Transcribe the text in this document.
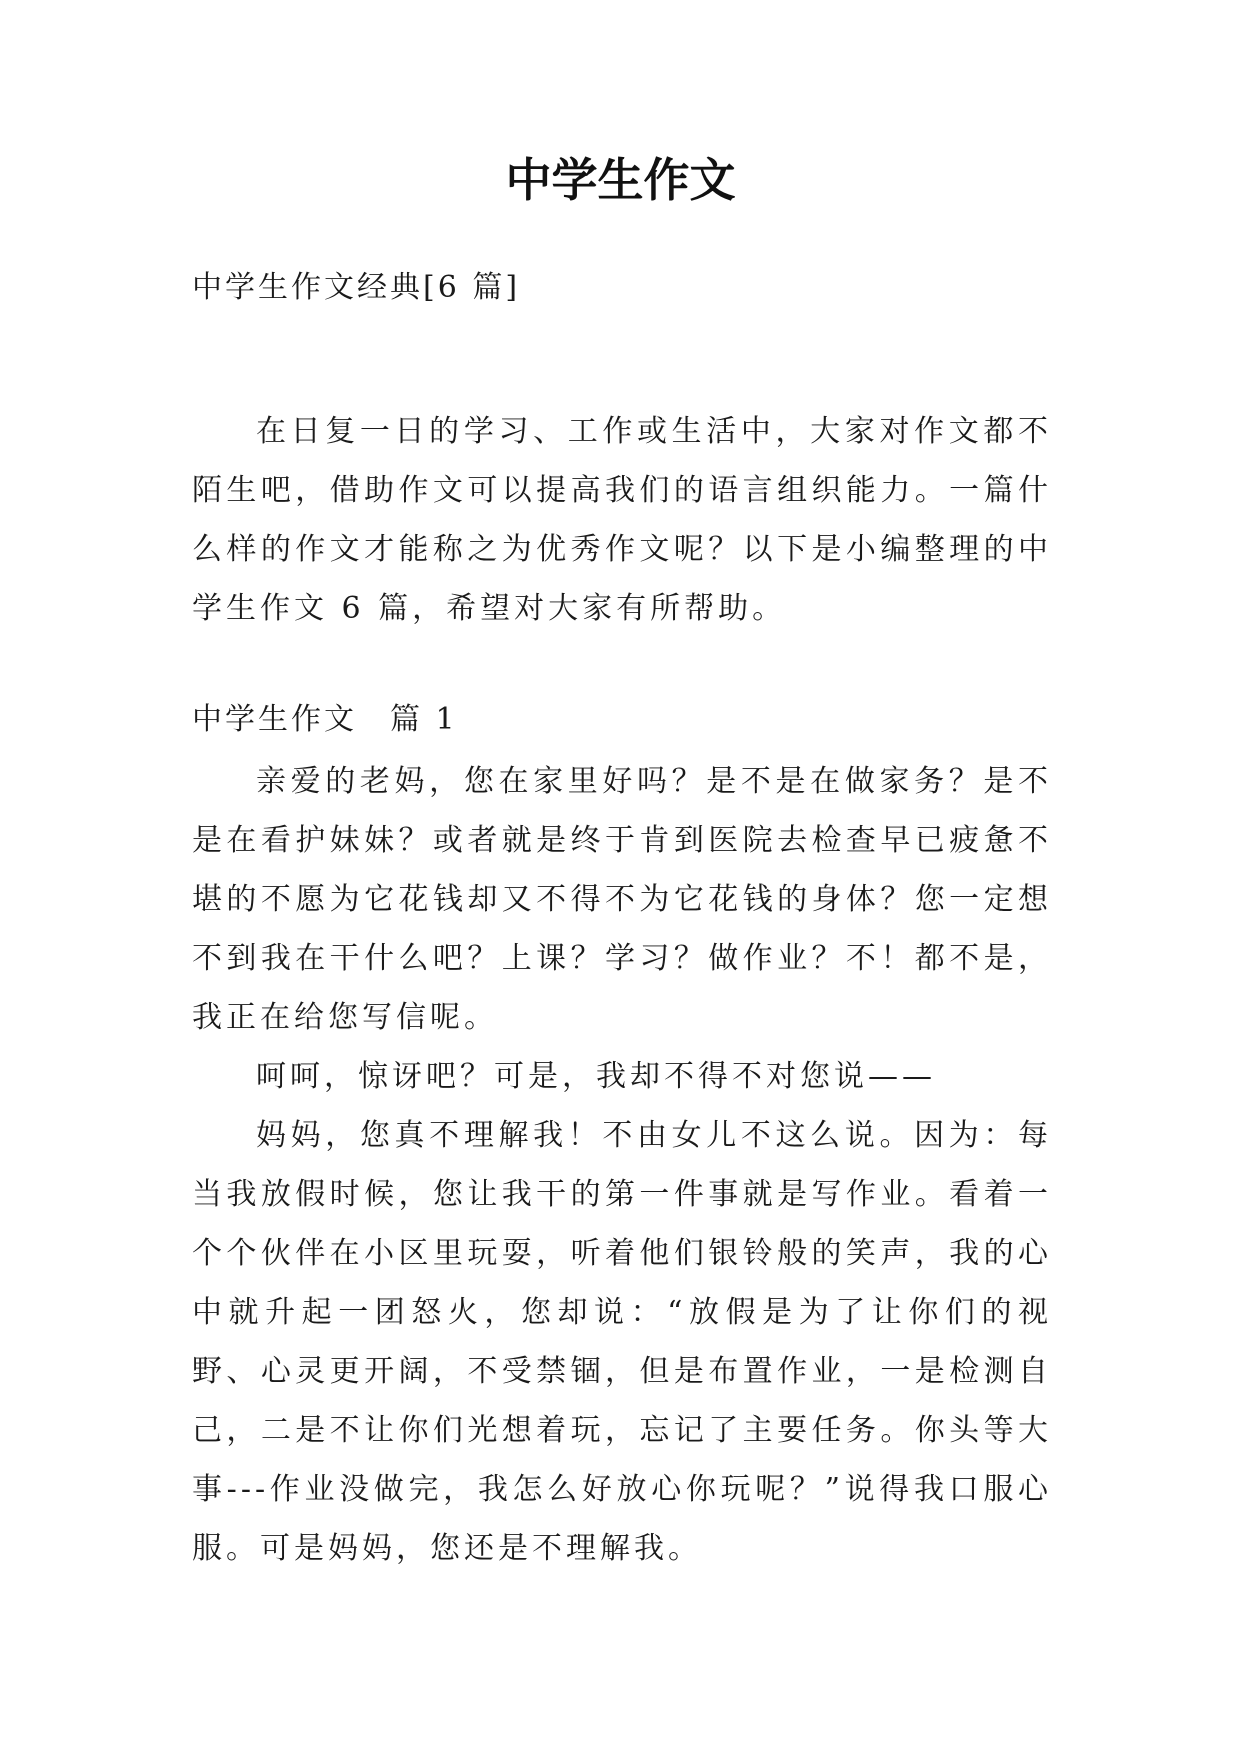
中学生作文
中学生作文经典[6 篇]

在日复一日的学习、工作或生活中，大家对作文都不陌生吧，借助作文可以提高我们的语言组织能力。一篇什么样的作文才能称之为优秀作文呢？以下是小编整理的中学生作文 6 篇，希望对大家有所帮助。

中学生作文　篇 1

亲爱的老妈，您在家里好吗？是不是在做家务？是不是在看护妹妹？或者就是终于肯到医院去检查早已疲惫不堪的不愿为它花钱却又不得不为它花钱的身体？您一定想不到我在干什么吧？上课？学习？做作业？不！都不是，我正在给您写信呢。

呵呵，惊讶吧？可是，我却不得不对您说——

妈妈，您真不理解我！不由女儿不这么说。因为：每当我放假时候，您让我干的第一件事就是写作业。看着一个个伙伴在小区里玩耍，听着他们银铃般的笑声，我的心中就升起一团怒火，您却说：“放假是为了让你们的视野、心灵更开阔，不受禁锢，但是布置作业，一是检测自己，二是不让你们光想着玩，忘记了主要任务。你头等大事---作业没做完，我怎么好放心你玩呢？”说得我口服心服。可是妈妈，您还是不理解我。
